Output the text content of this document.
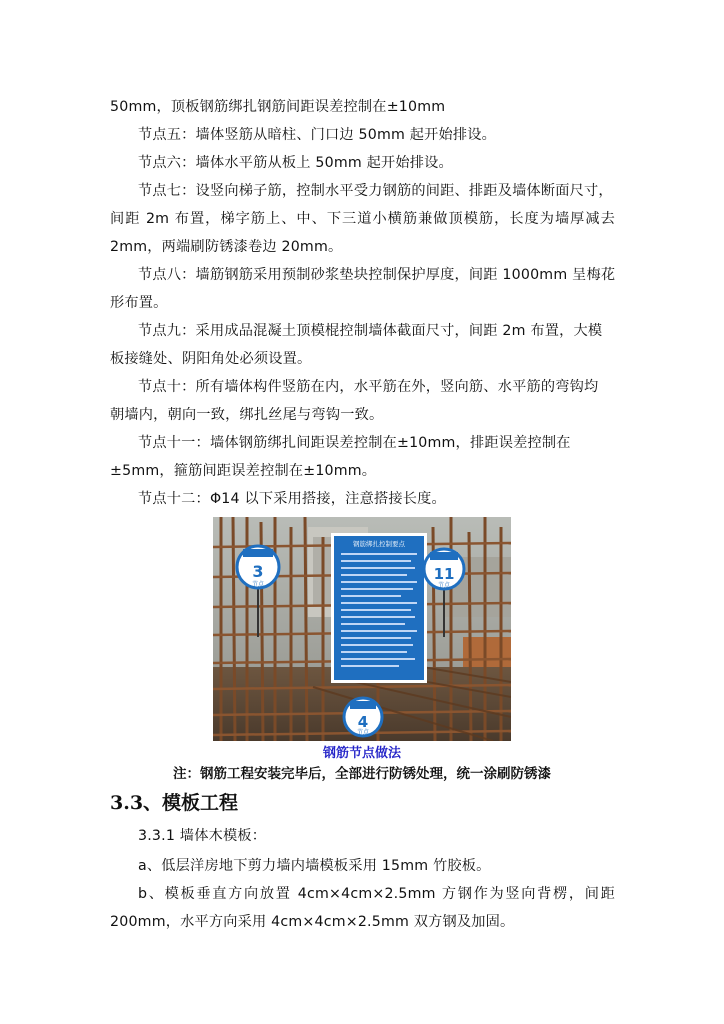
50mm，顶板钢筋绑扎钢筋间距误差控制在±10mm
节点五：墙体竖筋从暗柱、门口边 50mm 起开始排设。
节点六：墙体水平筋从板上 50mm 起开始排设。
节点七：设竖向梯子筋，控制水平受力钢筋的间距、排距及墙体断面尺寸，
间距 2m 布置，梯字筋上、中、下三道小横筋兼做顶模筋，长度为墙厚减去
2mm，两端刷防锈漆卷边 20mm。
节点八：墙筋钢筋采用预制砂浆垫块控制保护厚度，间距 1000mm 呈梅花
形布置。
节点九：采用成品混凝土顶模棍控制墙体截面尺寸，间距 2m 布置，大模
板接缝处、阴阳角处必须设置。
节点十：所有墙体构件竖筋在内，水平筋在外，竖向筋、水平筋的弯钩均
朝墙内，朝向一致，绑扎丝尾与弯钩一致。
节点十一：墙体钢筋绑扎间距误差控制在±10mm，排距误差控制在
±5mm，箍筋间距误差控制在±10mm。
节点十二：Φ14 以下采用搭接，注意搭接长度。
钢筋绑扎控制要点
3
节点
11
节点
4
节点
钢筋节点做法
注：钢筋工程安装完毕后，全部进行防锈处理，统一涂刷防锈漆
3.3、模板工程
3.3.1 墙体木模板：
a、低层洋房地下剪力墙内墙模板采用 15mm 竹胶板。
b、模板垂直方向放置 4cm×4cm×2.5mm 方钢作为竖向背楞，间距
200mm，水平方向采用 4cm×4cm×2.5mm 双方钢及加固。
